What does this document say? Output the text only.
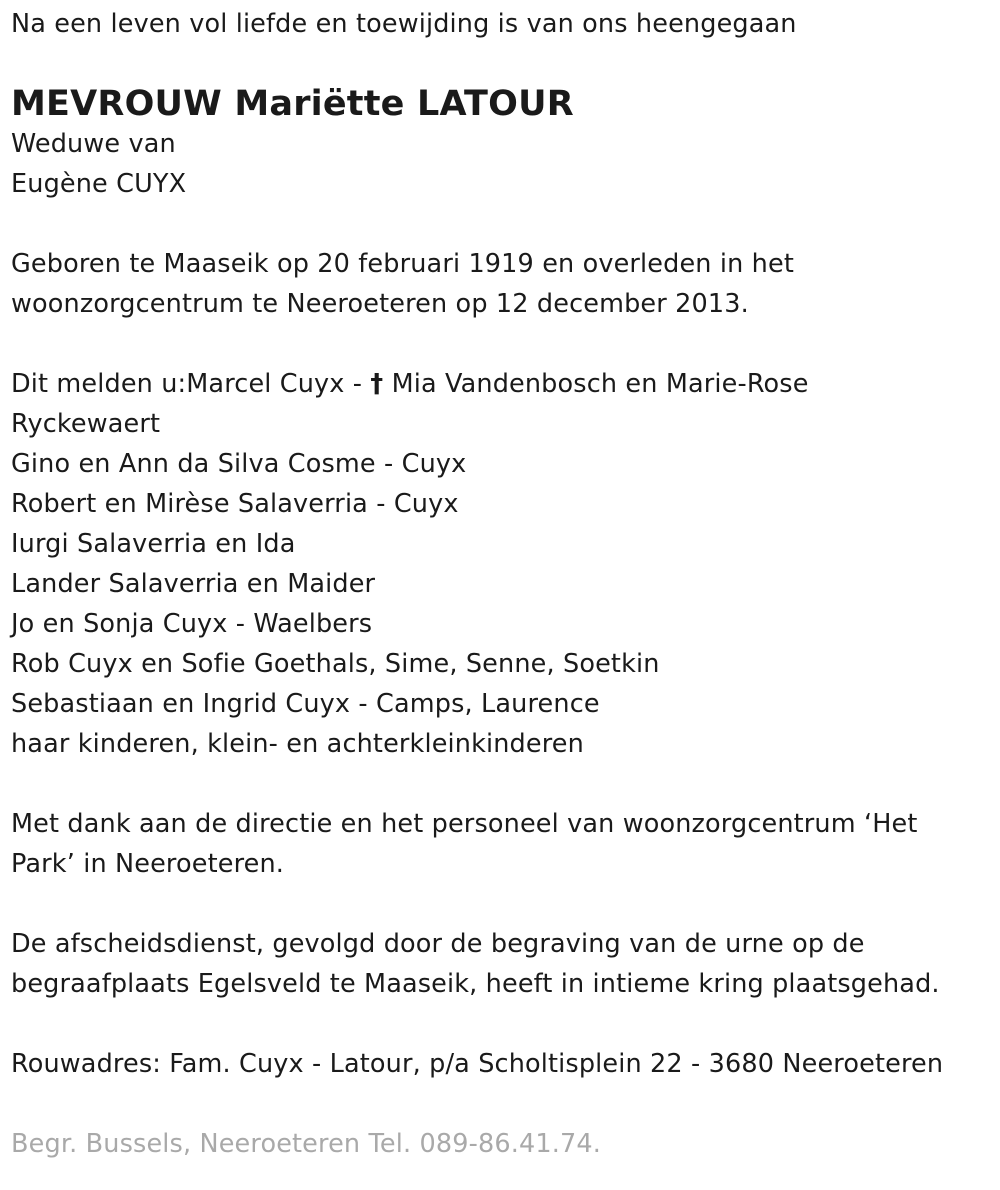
Na een leven vol liefde en toewijding is van ons heengegaan
MEVROUW Mariëtte LATOUR
Weduwe van
Eugène CUYX
Geboren te Maaseik op 20 februari 1919 en overleden in het
woonzorgcentrum te Neeroeteren op 12 december 2013.
Dit melden u:Marcel Cuyx - † Mia Vandenbosch en Marie-Rose
Ryckewaert
Gino en Ann da Silva Cosme - Cuyx
Robert en Mirèse Salaverria - Cuyx
Iurgi Salaverria en Ida
Lander Salaverria en Maider
Jo en Sonja Cuyx - Waelbers
Rob Cuyx en Sofie Goethals, Sime, Senne, Soetkin
Sebastiaan en Ingrid Cuyx - Camps, Laurence
haar kinderen, klein- en achterkleinkinderen
Met dank aan de directie en het personeel van woonzorgcentrum ‘Het
Park’ in Neeroeteren.
De afscheidsdienst, gevolgd door de begraving van de urne op de
begraafplaats Egelsveld te Maaseik, heeft in intieme kring plaatsgehad.
Rouwadres: Fam. Cuyx - Latour, p/a Scholtisplein 22 - 3680 Neeroeteren
Begr. Bussels, Neeroeteren Tel. 089-86.41.74.
